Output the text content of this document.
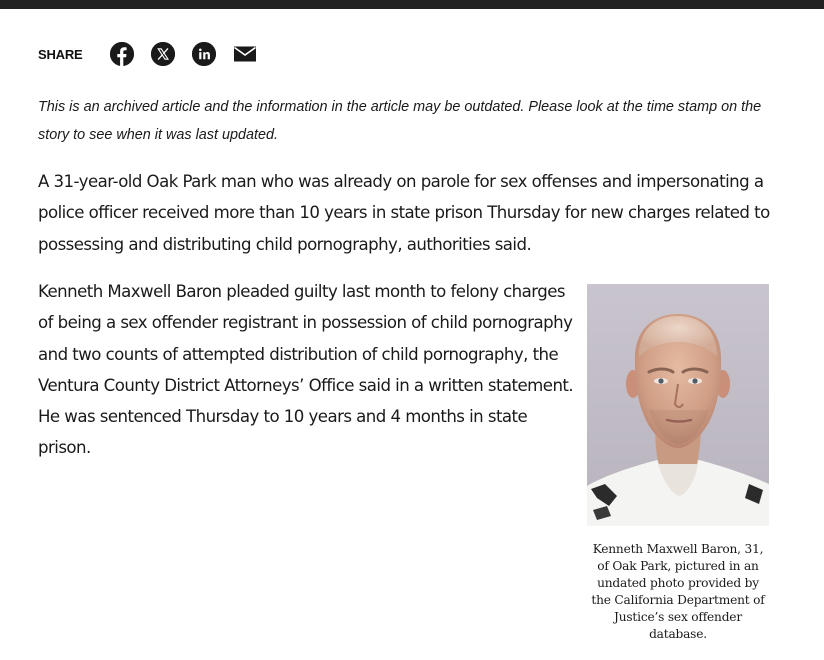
SHARE

This is an archived article and the information in the article may be outdated. Please look at the time stamp on the story to see when it was last updated.

A 31-year-old Oak Park man who was already on parole for sex offenses and impersonating a police officer received more than 10 years in state prison Thursday for new charges related to possessing and distributing child pornography, authorities said.

Kenneth Maxwell Baron pleaded guilty last month to felony charges of being a sex offender registrant in possession of child pornography and two counts of attempted distribution of child pornography, the Ventura County District Attorneys’ Office said in a written statement. He was sentenced Thursday to 10 years and 4 months in state prison.

Kenneth Maxwell Baron, 31, of Oak Park, pictured in an undated photo provided by the California Department of Justice’s sex offender database.
